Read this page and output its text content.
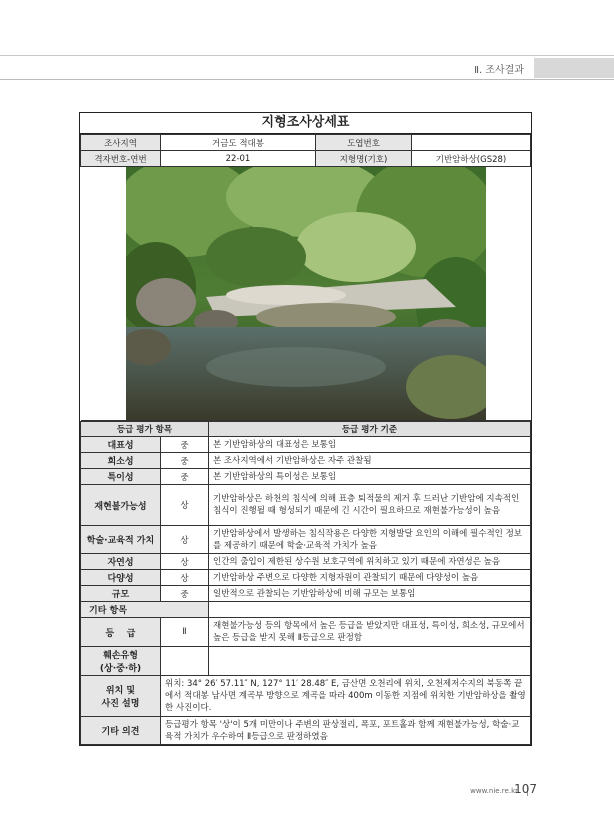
Ⅱ. 조사결과
지형조사상세표
조사지역	거금도 적대봉	도엽번호	
격자번호-연번	22-01	지형명(기호)	기반암하상(GS28)

등급 평가 항목		등급 평가 기준
대표성	중	본 기반암하상의 대표성은 보통임
희소성	중	본 조사지역에서 기반암하상은 자주 관찰됨
특이성	중	본 기반암하상의 특이성은 보통임
재현불가능성	상	기반암하상은 하천의 침식에 의해 표층 퇴적물의 제거 후 드러난 기반암에 지속적인 침식이 진행될 때 형성되기 때문에 긴 시간이 필요하므로 재현불가능성이 높음
학술·교육적 가치	상	기반암하상에서 발생하는 침식작용은 다양한 지형발달 요인의 이해에 필수적인 정보를 제공하기 때문에 학술·교육적 가치가 높음
자연성	상	인간의 출입이 제한된 상수원 보호구역에 위치하고 있기 때문에 자연성은 높음
다양성	상	기반암하상 주변으로 다양한 지형자원이 관찰되기 때문에 다양성이 높음
규모	중	일반적으로 관찰되는 기반암하상에 비해 규모는 보통임
기타 항목		
등    급	Ⅱ	재현불가능성 등의 항목에서 높은 등급을 받았지만 대표성, 특이성, 희소성, 규모에서 높은 등급을 받지 못해 Ⅱ등급으로 판정함
훼손유형
(상·중·하)		
위치 및
사진 설명	위치: 34° 26′ 57.11″ N, 127° 11′ 28.48″ E, 금산면 오천리에 위치, 오천제저수지의 북동쪽 끝에서 적대봉 남사면 계곡부 방향으로 계곡을 따라 400m 이동한 지점에 위치한 기반암하상을 촬영한 사진이다.	
기타 의견	등급평가 항목 '상'이 5개 미만이나 주변의 판상절리, 폭포, 포트홀과 함께 재현불가능성, 학술·교육적 가치가 우수하여 Ⅱ등급으로 판정하였음	
www.nie.re.kr
107
